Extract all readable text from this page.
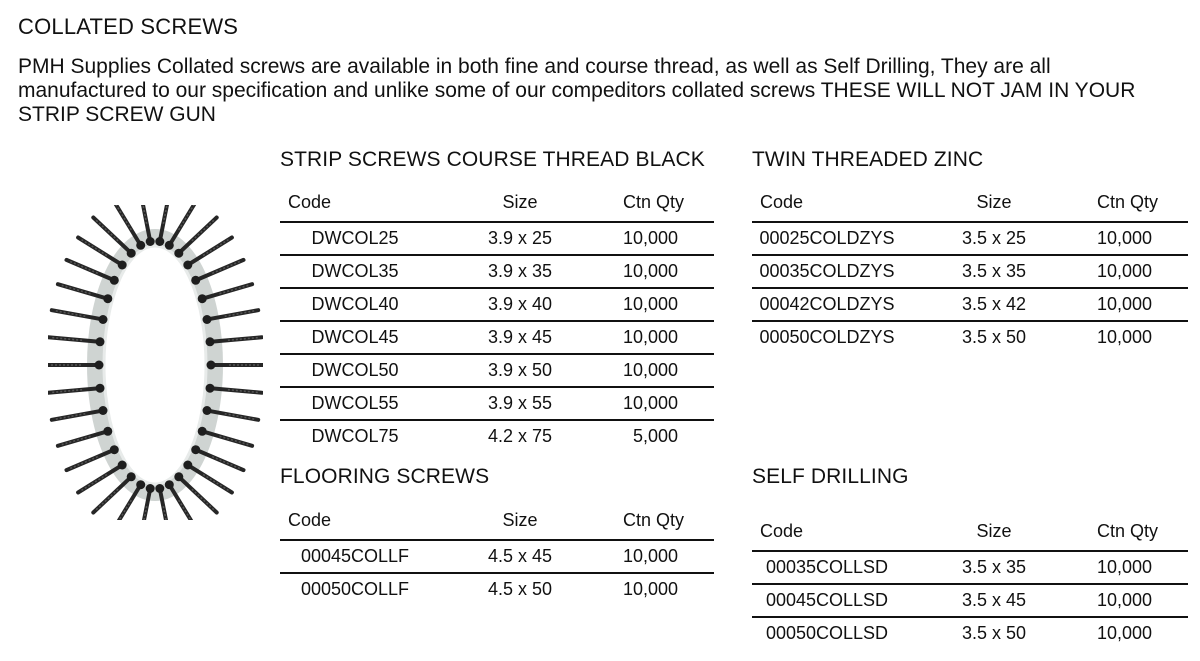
COLLATED SCREWS
PMH Supplies Collated screws are available in both fine and course thread, as well as Self Drilling, They are all manufactured to our specification and unlike some of our compeditors collated screws THESE WILL NOT JAM IN YOUR STRIP SCREW GUN
STRIP SCREWS COURSE THREAD BLACK
Code	Size	Ctn Qty
DWCOL25	3.9 x 25	10,000
DWCOL35	3.9 x 35	10,000
DWCOL40	3.9 x 40	10,000
DWCOL45	3.9 x 45	10,000
DWCOL50	3.9 x 50	10,000
DWCOL55	3.9 x 55	10,000
DWCOL75	4.2 x 75	5,000
TWIN THREADED ZINC
Code	Size	Ctn Qty
00025COLDZYS	3.5 x 25	10,000
00035COLDZYS	3.5 x 35	10,000
00042COLDZYS	3.5 x 42	10,000
00050COLDZYS	3.5 x 50	10,000
FLOORING SCREWS
Code	Size	Ctn Qty
00045COLLF	4.5 x 45	10,000
00050COLLF	4.5 x 50	10,000
SELF DRILLING
Code	Size	Ctn Qty
00035COLLSD	3.5 x 35	10,000
00045COLLSD	3.5 x 45	10,000
00050COLLSD	3.5 x 50	10,000
